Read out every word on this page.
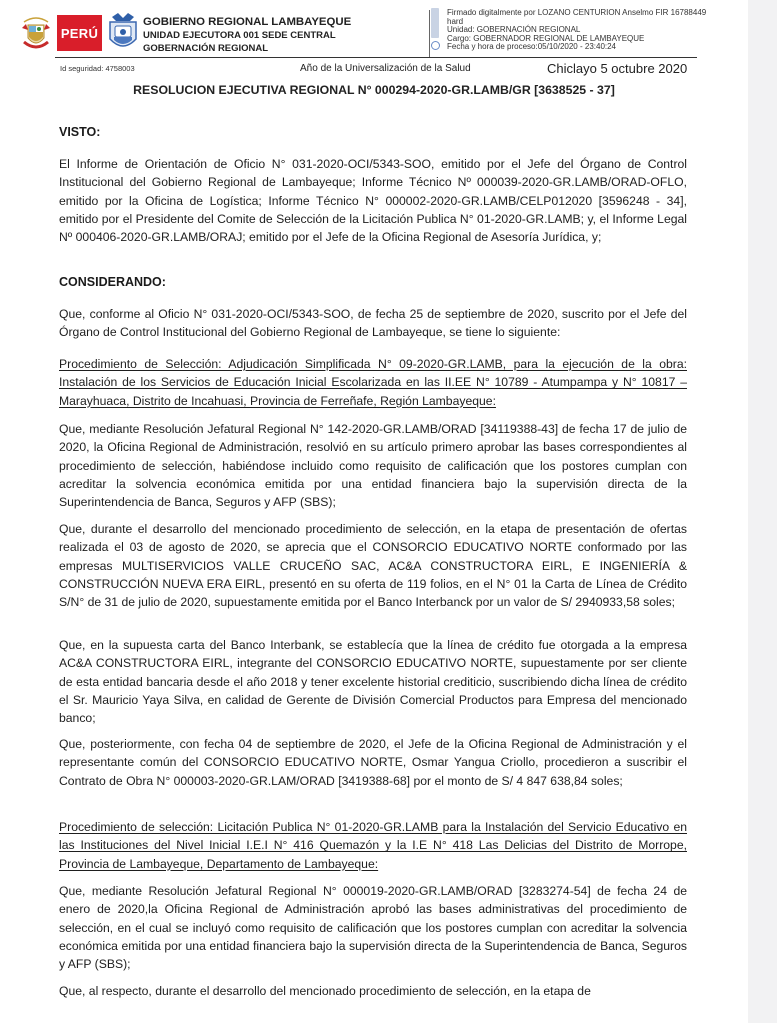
PERÚ
GOBIERNO REGIONAL LAMBAYEQUE
UNIDAD EJECUTORA 001 SEDE CENTRAL
GOBERNACIÓN REGIONAL
Firmado digitalmente por LOZANO CENTURION Anselmo FIR 16788449
hard
Unidad: GOBERNACIÓN REGIONAL
Cargo: GOBERNADOR REGIONAL DE LAMBAYEQUE
Fecha y hora de proceso:05/10/2020 - 23:40:24
Id seguridad: 4758003	Año de la Universalización de la Salud	Chiclayo 5 octubre 2020
RESOLUCION EJECUTIVA REGIONAL N° 000294-2020-GR.LAMB/GR [3638525 - 37]
VISTO:
El Informe de Orientación de Oficio N° 031-2020-OCI/5343-SOO, emitido por el Jefe del Órgano de Control Institucional del Gobierno Regional de Lambayeque; Informe Técnico Nº 000039-2020-GR.LAMB/ORAD-OFLO, emitido por la Oficina de Logística; Informe Técnico N° 000002-2020-GR.LAMB/CELP012020 [3596248 - 34], emitido por el Presidente del Comite de Selección de la Licitación Publica N° 01-2020-GR.LAMB; y, el Informe Legal Nº 000406-2020-GR.LAMB/ORAJ; emitido por el Jefe de la Oficina Regional de Asesoría Jurídica, y;
CONSIDERANDO:
Que, conforme al Oficio N° 031-2020-OCI/5343-SOO, de fecha 25 de septiembre de 2020, suscrito por el Jefe del Órgano de Control Institucional del Gobierno Regional de Lambayeque, se tiene lo siguiente:
Procedimiento de Selección: Adjudicación Simplificada N° 09-2020-GR.LAMB, para la ejecución de la obra: Instalación de los Servicios de Educación Inicial Escolarizada en las II.EE N° 10789 - Atumpampa y N° 10817 – Marayhuaca, Distrito de Incahuasi, Provincia de Ferreñafe, Región Lambayeque:
Que, mediante Resolución Jefatural Regional N° 142-2020-GR.LAMB/ORAD [34119388-43] de fecha 17 de julio de 2020, la Oficina Regional de Administración, resolvió en su artículo primero aprobar las bases correspondientes al procedimiento de selección, habiéndose incluido como requisito de calificación que los postores cumplan con acreditar la solvencia económica emitida por una entidad financiera bajo la supervisión directa de la Superintendencia de Banca, Seguros y AFP (SBS);
Que, durante el desarrollo del mencionado procedimiento de selección, en la etapa de presentación de ofertas realizada el 03 de agosto de 2020, se aprecia que el CONSORCIO EDUCATIVO NORTE conformado por las empresas MULTISERVICIOS VALLE CRUCEÑO SAC, AC&A CONSTRUCTORA EIRL, E INGENIERÍA & CONSTRUCCIÓN NUEVA ERA EIRL, presentó en su oferta de 119 folios, en el N° 01 la Carta de Línea de Crédito S/N° de 31 de julio de 2020, supuestamente emitida por el Banco Interbanck por un valor de S/ 2940933,58 soles;
Que, en la supuesta carta del Banco Interbank, se establecía que la línea de crédito fue otorgada a la empresa AC&A CONSTRUCTORA EIRL, integrante del CONSORCIO EDUCATIVO NORTE, supuestamente por ser cliente de esta entidad bancaria desde el año 2018 y tener excelente historial crediticio, suscribiendo dicha línea de crédito el Sr. Mauricio Yaya Silva, en calidad de Gerente de División Comercial Productos para Empresa del mencionado banco;
Que, posteriormente, con fecha 04 de septiembre de 2020, el Jefe de la Oficina Regional de Administración y el representante común del CONSORCIO EDUCATIVO NORTE, Osmar Yangua Criollo, procedieron a suscribir el Contrato de Obra N° 000003-2020-GR.LAM/ORAD [3419388-68] por el monto de S/ 4 847 638,84 soles;
Procedimiento de selección: Licitación Publica N° 01-2020-GR.LAMB para la Instalación del Servicio Educativo en las Instituciones del Nivel Inicial I.E.I N° 416 Quemazón y la I.E N° 418 Las Delicias del Distrito de Morrope, Provincia de Lambayeque, Departamento de Lambayeque:
Que, mediante Resolución Jefatural Regional N° 000019-2020-GR.LAMB/ORAD [3283274-54] de fecha 24 de enero de 2020,la Oficina Regional de Administración aprobó las bases administrativas del procedimiento de selección, en el cual se incluyó como requisito de calificación que los postores cumplan con acreditar la solvencia económica emitida por una entidad financiera bajo la supervisión directa de la Superintendencia de Banca, Seguros y AFP (SBS);
Que, al respecto, durante el desarrollo del mencionado procedimiento de selección, en la etapa de
